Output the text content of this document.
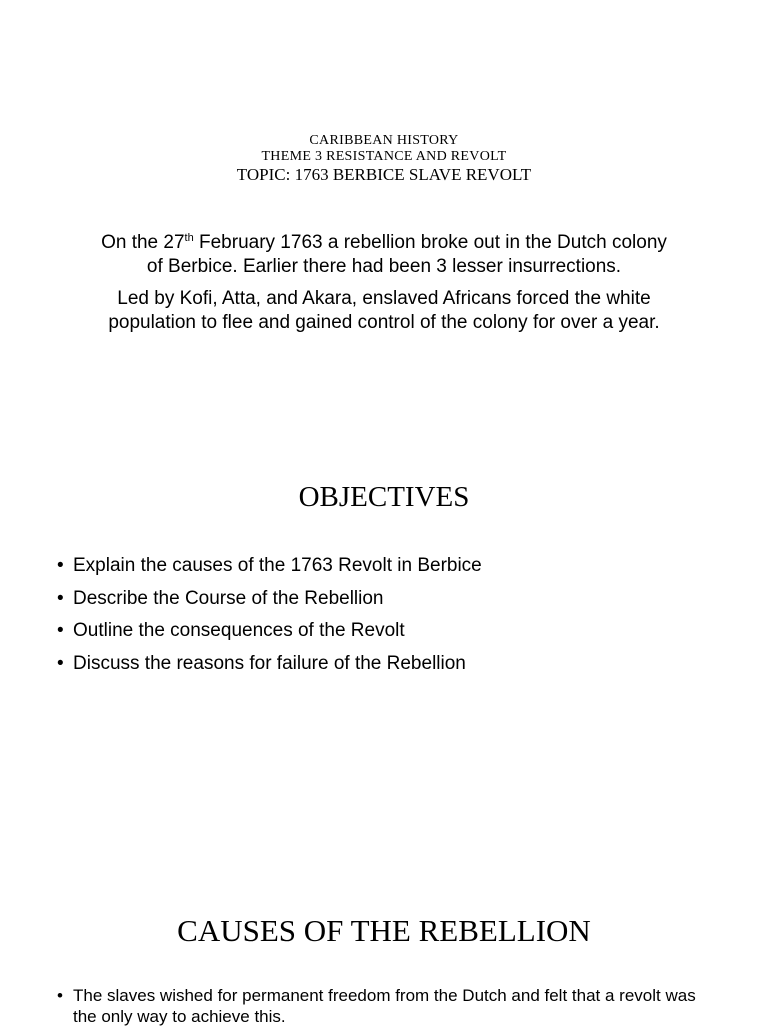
CARIBBEAN HISTORY
THEME 3 RESISTANCE AND REVOLT
TOPIC: 1763 BERBICE SLAVE REVOLT

On the 27th February 1763 a rebellion broke out in the Dutch colony of Berbice. Earlier there had been 3 lesser insurrections.

Led by Kofi, Atta, and Akara, enslaved Africans forced the white population to flee and gained control of the colony for over a year.

OBJECTIVES
• Explain the causes of the 1763 Revolt in Berbice
• Describe the Course of the Rebellion
• Outline the consequences of the Revolt
• Discuss the reasons for failure of the Rebellion
CAUSES OF THE REBELLION
• The slaves wished for permanent freedom from the Dutch and felt that a revolt was the only way to achieve this.
